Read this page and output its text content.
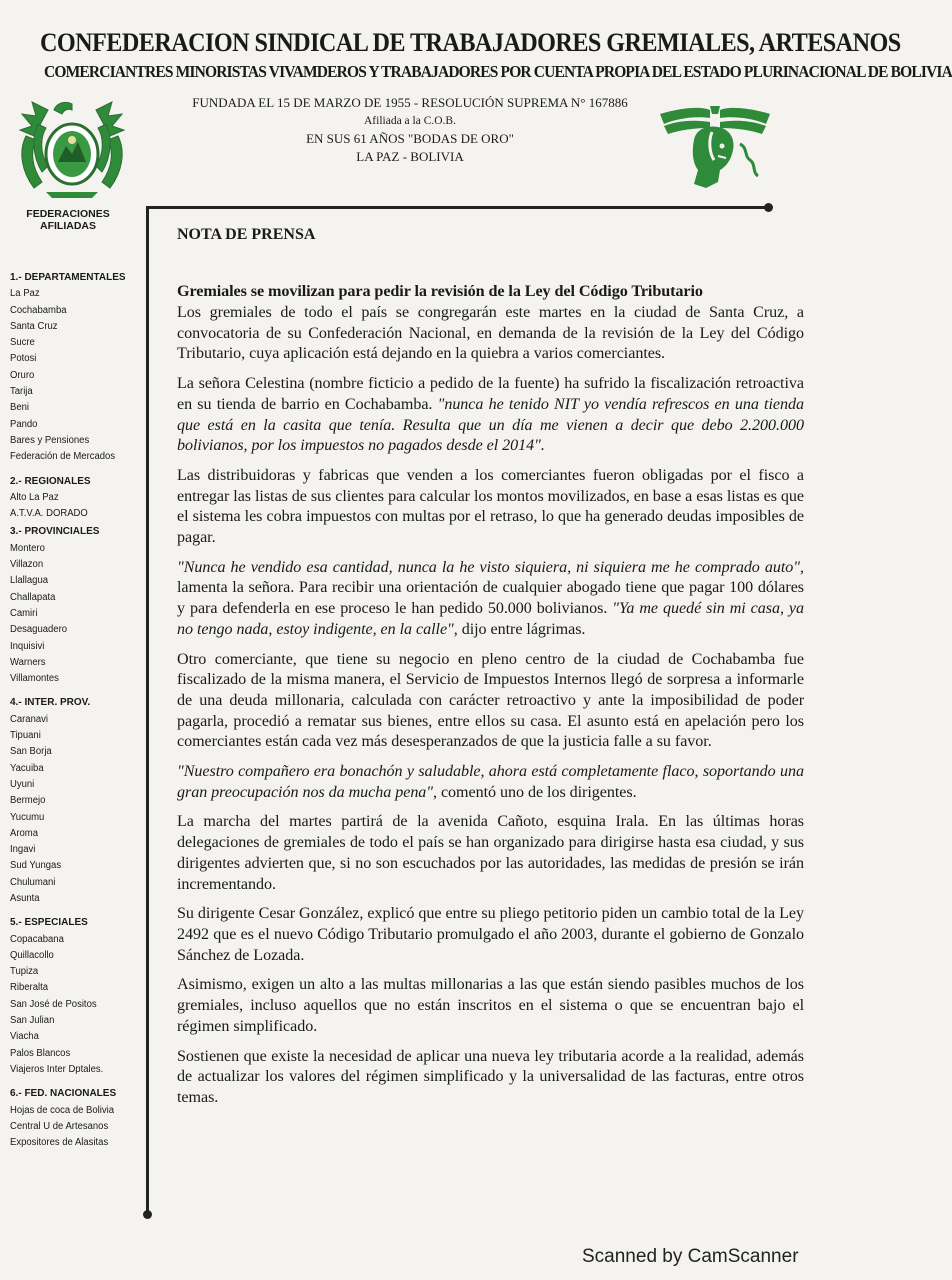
CONFEDERACION SINDICAL DE TRABAJADORES GREMIALES, ARTESANOS
COMERCIANTRES MINORISTAS VIVAMDEROS Y TRABAJADORES POR CUENTA PROPIA DEL ESTADO PLURINACIONAL DE BOLIVIA
FUNDADA EL 15 DE MARZO DE 1955 - RESOLUCIÓN SUPREMA N° 167886
Afiliada a la C.O.B.
EN SUS 61 AÑOS "BODAS DE ORO"
LA PAZ - BOLIVIA
FEDERACIONES
AFILIADAS
1.- DEPARTAMENTALES
La Paz
Cochabamba
Santa Cruz
Sucre
Potosi
Oruro
Tarija
Beni
Pando
Bares y Pensiones
Federación de Mercados
2.- REGIONALES
Alto La Paz
A.T.V.A. DORADO
3.- PROVINCIALES
Montero
Villazon
Llallagua
Challapata
Camiri
Desaguadero
Inquisivi
Warners
Villamontes
4.- INTER. PROV.
Caranavi
Tipuani
San Borja
Yacuiba
Uyuni
Bermejo
Yucumu
Aroma
Ingavi
Sud Yungas
Chulumani
Asunta
5.- ESPECIALES
Copacabana
Quillacollo
Tupiza
Riberalta
San José de Positos
San Julian
Viacha
Palos Blancos
Viajeros Inter Dptales.
6.- FED. NACIONALES
Hojas de coca de Bolivia
Central U de Artesanos
Expositores de Alasitas
NOTA DE PRENSA
Gremiales se movilizan para pedir la revisión de la Ley del Código Tributario

Los gremiales de todo el país se congregarán este martes en la ciudad de Santa Cruz, a convocatoria de su Confederación Nacional, en demanda de la revisión de la Ley del Código Tributario, cuya aplicación está dejando en la quiebra a varios comerciantes.

La señora Celestina (nombre ficticio a pedido de la fuente) ha sufrido la fiscalización retroactiva en su tienda de barrio en Cochabamba. "nunca he tenido NIT yo vendía refrescos en una tienda que está en la casita que tenía. Resulta que un día me vienen a decir que debo 2.200.000 bolivianos, por los impuestos no pagados desde el 2014".

Las distribuidoras y fabricas que venden a los comerciantes fueron obligadas por el fisco a entregar las listas de sus clientes para calcular los montos movilizados, en base a esas listas es que el sistema les cobra impuestos con multas por el retraso, lo que ha generado deudas imposibles de pagar.

"Nunca he vendido esa cantidad, nunca la he visto siquiera, ni siquiera me he comprado auto", lamenta la señora. Para recibir una orientación de cualquier abogado tiene que pagar 100 dólares y para defenderla en ese proceso le han pedido 50.000 bolivianos. "Ya me quedé sin mi casa, ya no tengo nada, estoy indigente, en la calle", dijo entre lágrimas.

Otro comerciante, que tiene su negocio en pleno centro de la ciudad de Cochabamba fue fiscalizado de la misma manera, el Servicio de Impuestos Internos llegó de sorpresa a informarle de una deuda millonaria, calculada con carácter retroactivo y ante la imposibilidad de poder pagarla, procedió a rematar sus bienes, entre ellos su casa. El asunto está en apelación pero los comerciantes están cada vez más desesperanzados de que la justicia falle a su favor.

"Nuestro compañero era bonachón y saludable, ahora está completamente flaco, soportando una gran preocupación nos da mucha pena", comentó uno de los dirigentes.

La marcha del martes partirá de la avenida Cañoto, esquina Irala. En las últimas horas delegaciones de gremiales de todo el país se han organizado para dirigirse hasta esa ciudad, y sus dirigentes advierten que, si no son escuchados por las autoridades, las medidas de presión se irán incrementando.

Su dirigente Cesar González, explicó que entre su pliego petitorio piden un cambio total de la Ley 2492 que es el nuevo Código Tributario promulgado el año 2003, durante el gobierno de Gonzalo Sánchez de Lozada.

Asimismo, exigen un alto a las multas millonarias a las que están siendo pasibles muchos de los gremiales, incluso aquellos que no están inscritos en el sistema o que se encuentran bajo el régimen simplificado.

Sostienen que existe la necesidad de aplicar una nueva ley tributaria acorde a la realidad, además de actualizar los valores del régimen simplificado y la universalidad de las facturas, entre otros temas.

Scanned by CamScanner
